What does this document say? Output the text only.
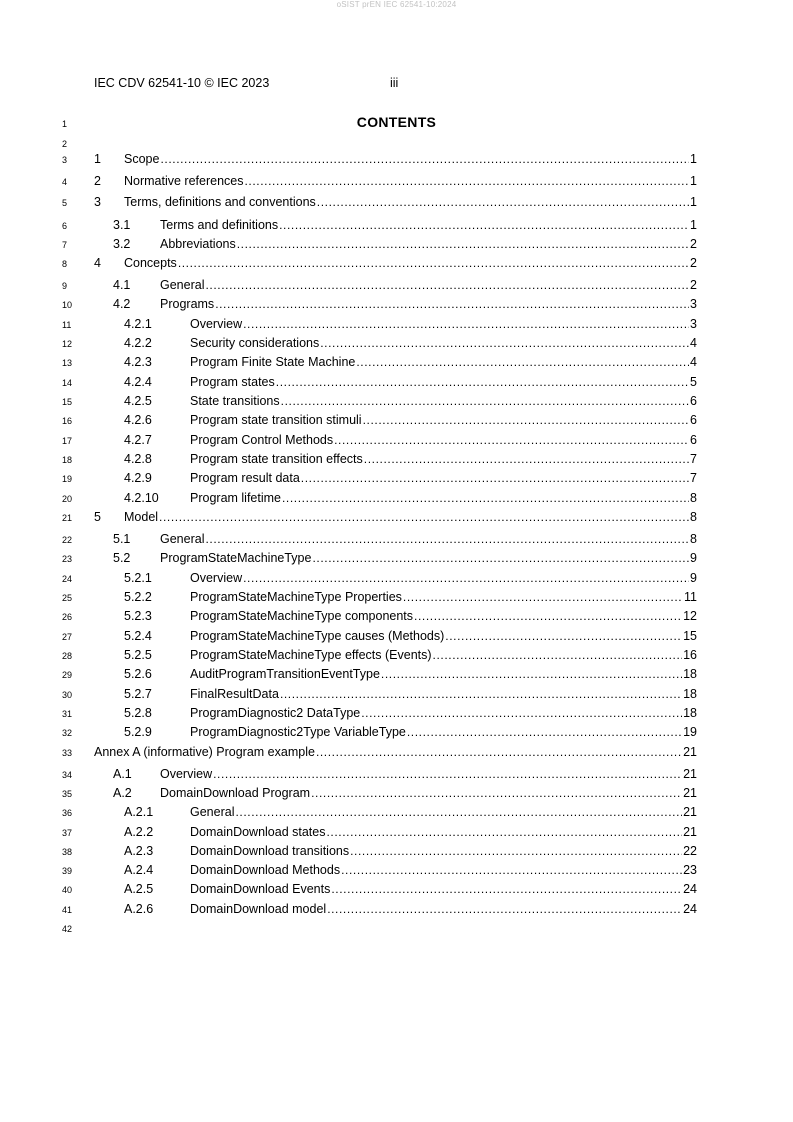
oSIST prEN IEC 62541-10:2024
IEC CDV 62541-10 © IEC 2023	iii
1	CONTENTS
2
3 1 Scope .....	1
4 2 Normative references .....	1
5 3 Terms, definitions and conventions .....	1
6	3.1 Terms and definitions .....	1
7	3.2 Abbreviations .....	2
8 4 Concepts .....	2
9	4.1 General .....	2
10	4.2 Programs .....	3
11	4.2.1	Overview .....	3
12	4.2.2	Security considerations .....	4
13	4.2.3	Program Finite State Machine .....	4
14	4.2.4	Program states .....	5
15	4.2.5	State transitions .....	6
16	4.2.6	Program state transition stimuli .....	6
17	4.2.7	Program Control Methods .....	6
18	4.2.8	Program state transition effects .....	7
19	4.2.9	Program result data .....	7
20	4.2.10 Program lifetime .....	8
21 5 Model .....	8
22	5.1 General .....	8
23	5.2 ProgramStateMachineType .....	9
24	5.2.1	Overview .....	9
25	5.2.2	ProgramStateMachineType Properties .....	11
26	5.2.3	ProgramStateMachineType components .....	12
27	5.2.4	ProgramStateMachineType causes (Methods) .....	15
28	5.2.5	ProgramStateMachineType effects (Events) .....	16
29	5.2.6	AuditProgramTransitionEventType .....	18
30	5.2.7	FinalResultData .....	18
31	5.2.8	ProgramDiagnostic2 DataType .....	18
32	5.2.9	ProgramDiagnostic2Type VariableType .....	19
33 Annex A (informative) Program example .....	21
34	A.1 Overview .....	21
35	A.2 DomainDownload Program .....	21
36	A.2.1	General .....	21
37	A.2.2	DomainDownload states .....	21
38	A.2.3	DomainDownload transitions .....	22
39	A.2.4	DomainDownload Methods .....	23
40	A.2.5	DomainDownload Events .....	24
41	A.2.6	DomainDownload model .....	24
42
